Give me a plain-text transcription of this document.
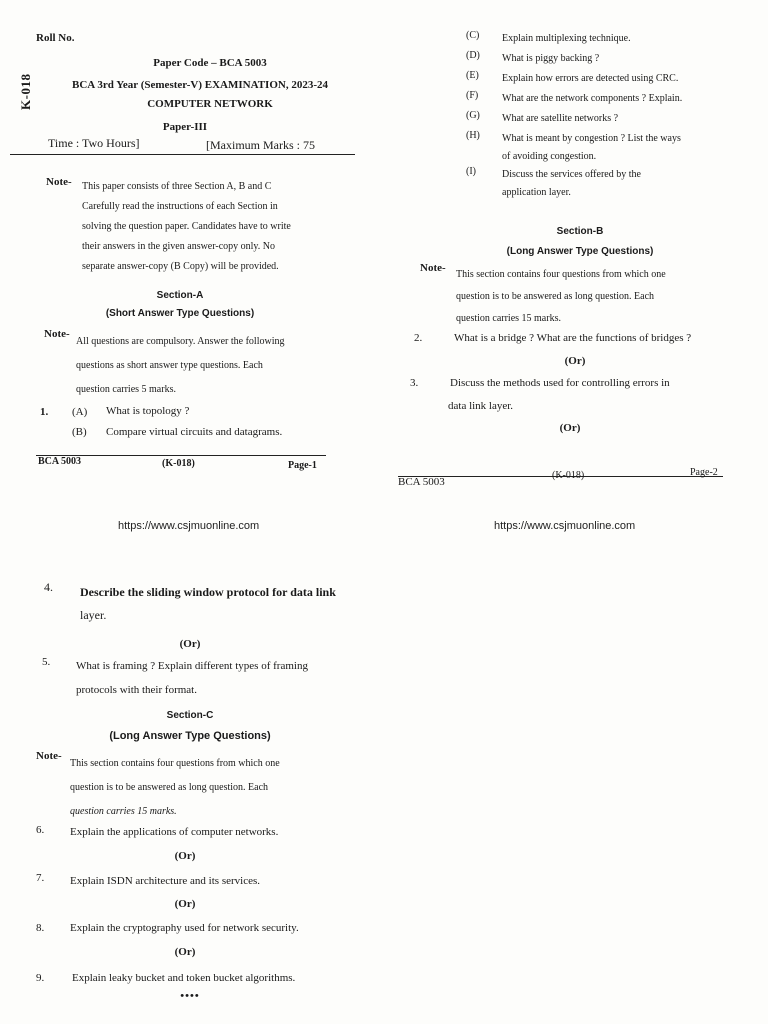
Roll No.
K-018
Paper Code – BCA 5003
BCA 3rd Year (Semester-V) EXAMINATION, 2023-24
COMPUTER NETWORK
Paper-III
Time : Two Hours]	[Maximum Marks : 75
Note- This paper consists of three Section A, B and C
Carefully read the instructions of each Section in
solving the question paper. Candidates have to write
their answers in the given answer-copy only. No
separate answer-copy (B Copy) will be provided.
Section-A
(Short Answer Type Questions)
Note-
All questions are compulsory. Answer the following
questions as short answer type questions. Each
question carries 5 marks.
1. (A) What is topology ?
(B) Compare virtual circuits and datagrams.
BCA 5003	(K-018)	Page-1
https://www.csjmuonline.com
(C) Explain multiplexing technique.
(D) What is piggy backing ?
(E) Explain how errors are detected using CRC.
(F) What are the network components ? Explain.
(G) What are satellite networks ?
(H) What is meant by congestion ? List the ways
of avoiding congestion.
(I)	Discuss the services offered by the
application layer.
Section-B
(Long Answer Type Questions)
Note-
This section contains four questions from which one
question is to be answered as long question. Each
question carries 15 marks.
2.	What is a bridge ? What are the functions of bridges ?
(Or)
3.	Discuss the methods used for controlling errors in
data link layer.
(Or)
BCA 5003
(K-018)	Page-2
https://www.csjmuonline.com
4. Describe the sliding window protocol for data link
layer.
(Or)
5. What is framing ? Explain different types of framing
protocols with their format.
Section-C
(Long Answer Type Questions)
Note-
This section contains four questions from which one
question is to be answered as long question. Each
question carries 15 marks.
6. Explain the applications of computer networks.
(Or)
7. Explain ISDN architecture and its services.
(Or)
8. Explain the cryptography used for network security.
(Or)
9.	Explain leaky bucket and token bucket algorithms.
••••
